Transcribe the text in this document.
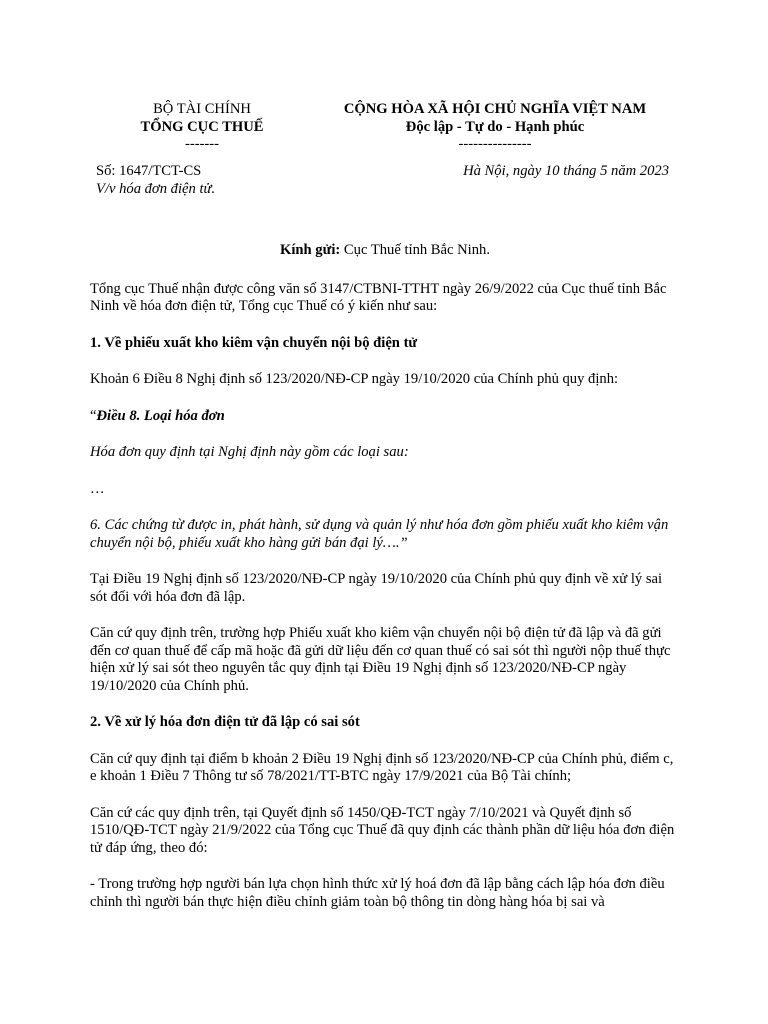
BỘ TÀI CHÍNH
TỔNG CỤC THUẾ
-------
CỘNG HÒA XÃ HỘI CHỦ NGHĨA VIỆT NAM
Độc lập - Tự do - Hạnh phúc
---------------
Số: 1647/TCT-CS
V/v hóa đơn điện tử.
Hà Nội, ngày 10 tháng 5 năm 2023

Kính gửi: Cục Thuế tỉnh Bắc Ninh.

Tổng cục Thuế nhận được công văn số 3147/CTBNI-TTHT ngày 26/9/2022 của Cục thuế tỉnh Bắc Ninh về hóa đơn điện tử, Tổng cục Thuế có ý kiến như sau:

1. Về phiếu xuất kho kiêm vận chuyển nội bộ điện tử

Khoản 6 Điều 8 Nghị định số 123/2020/NĐ-CP ngày 19/10/2020 của Chính phủ quy định:

“Điều 8. Loại hóa đơn

Hóa đơn quy định tại Nghị định này gồm các loại sau:

…

6. Các chứng từ được in, phát hành, sử dụng và quản lý như hóa đơn gồm phiếu xuất kho kiêm vận chuyển nội bộ, phiếu xuất kho hàng gửi bán đại lý….”

Tại Điều 19 Nghị định số 123/2020/NĐ-CP ngày 19/10/2020 của Chính phủ quy định về xử lý sai sót đối với hóa đơn đã lập.

Căn cứ quy định trên, trường hợp Phiếu xuất kho kiêm vận chuyển nội bộ điện tử đã lập và đã gửi đến cơ quan thuế để cấp mã hoặc đã gửi dữ liệu đến cơ quan thuế có sai sót thì người nộp thuế thực hiện xử lý sai sót theo nguyên tắc quy định tại Điều 19 Nghị định số 123/2020/NĐ-CP ngày 19/10/2020 của Chính phủ.

2. Về xử lý hóa đơn điện tử đã lập có sai sót

Căn cứ quy định tại điểm b khoản 2 Điều 19 Nghị định số 123/2020/NĐ-CP của Chính phủ, điểm c, e khoản 1 Điều 7 Thông tư số 78/2021/TT-BTC ngày 17/9/2021 của Bộ Tài chính;

Căn cứ các quy định trên, tại Quyết định số 1450/QĐ-TCT ngày 7/10/2021 và Quyết định số 1510/QĐ-TCT ngày 21/9/2022 của Tổng cục Thuế đã quy định các thành phần dữ liệu hóa đơn điện tử đáp ứng, theo đó:

- Trong trường hợp người bán lựa chọn hình thức xử lý hoá đơn đã lập bằng cách lập hóa đơn điều chỉnh thì người bán thực hiện điều chỉnh giảm toàn bộ thông tin dòng hàng hóa bị sai và
